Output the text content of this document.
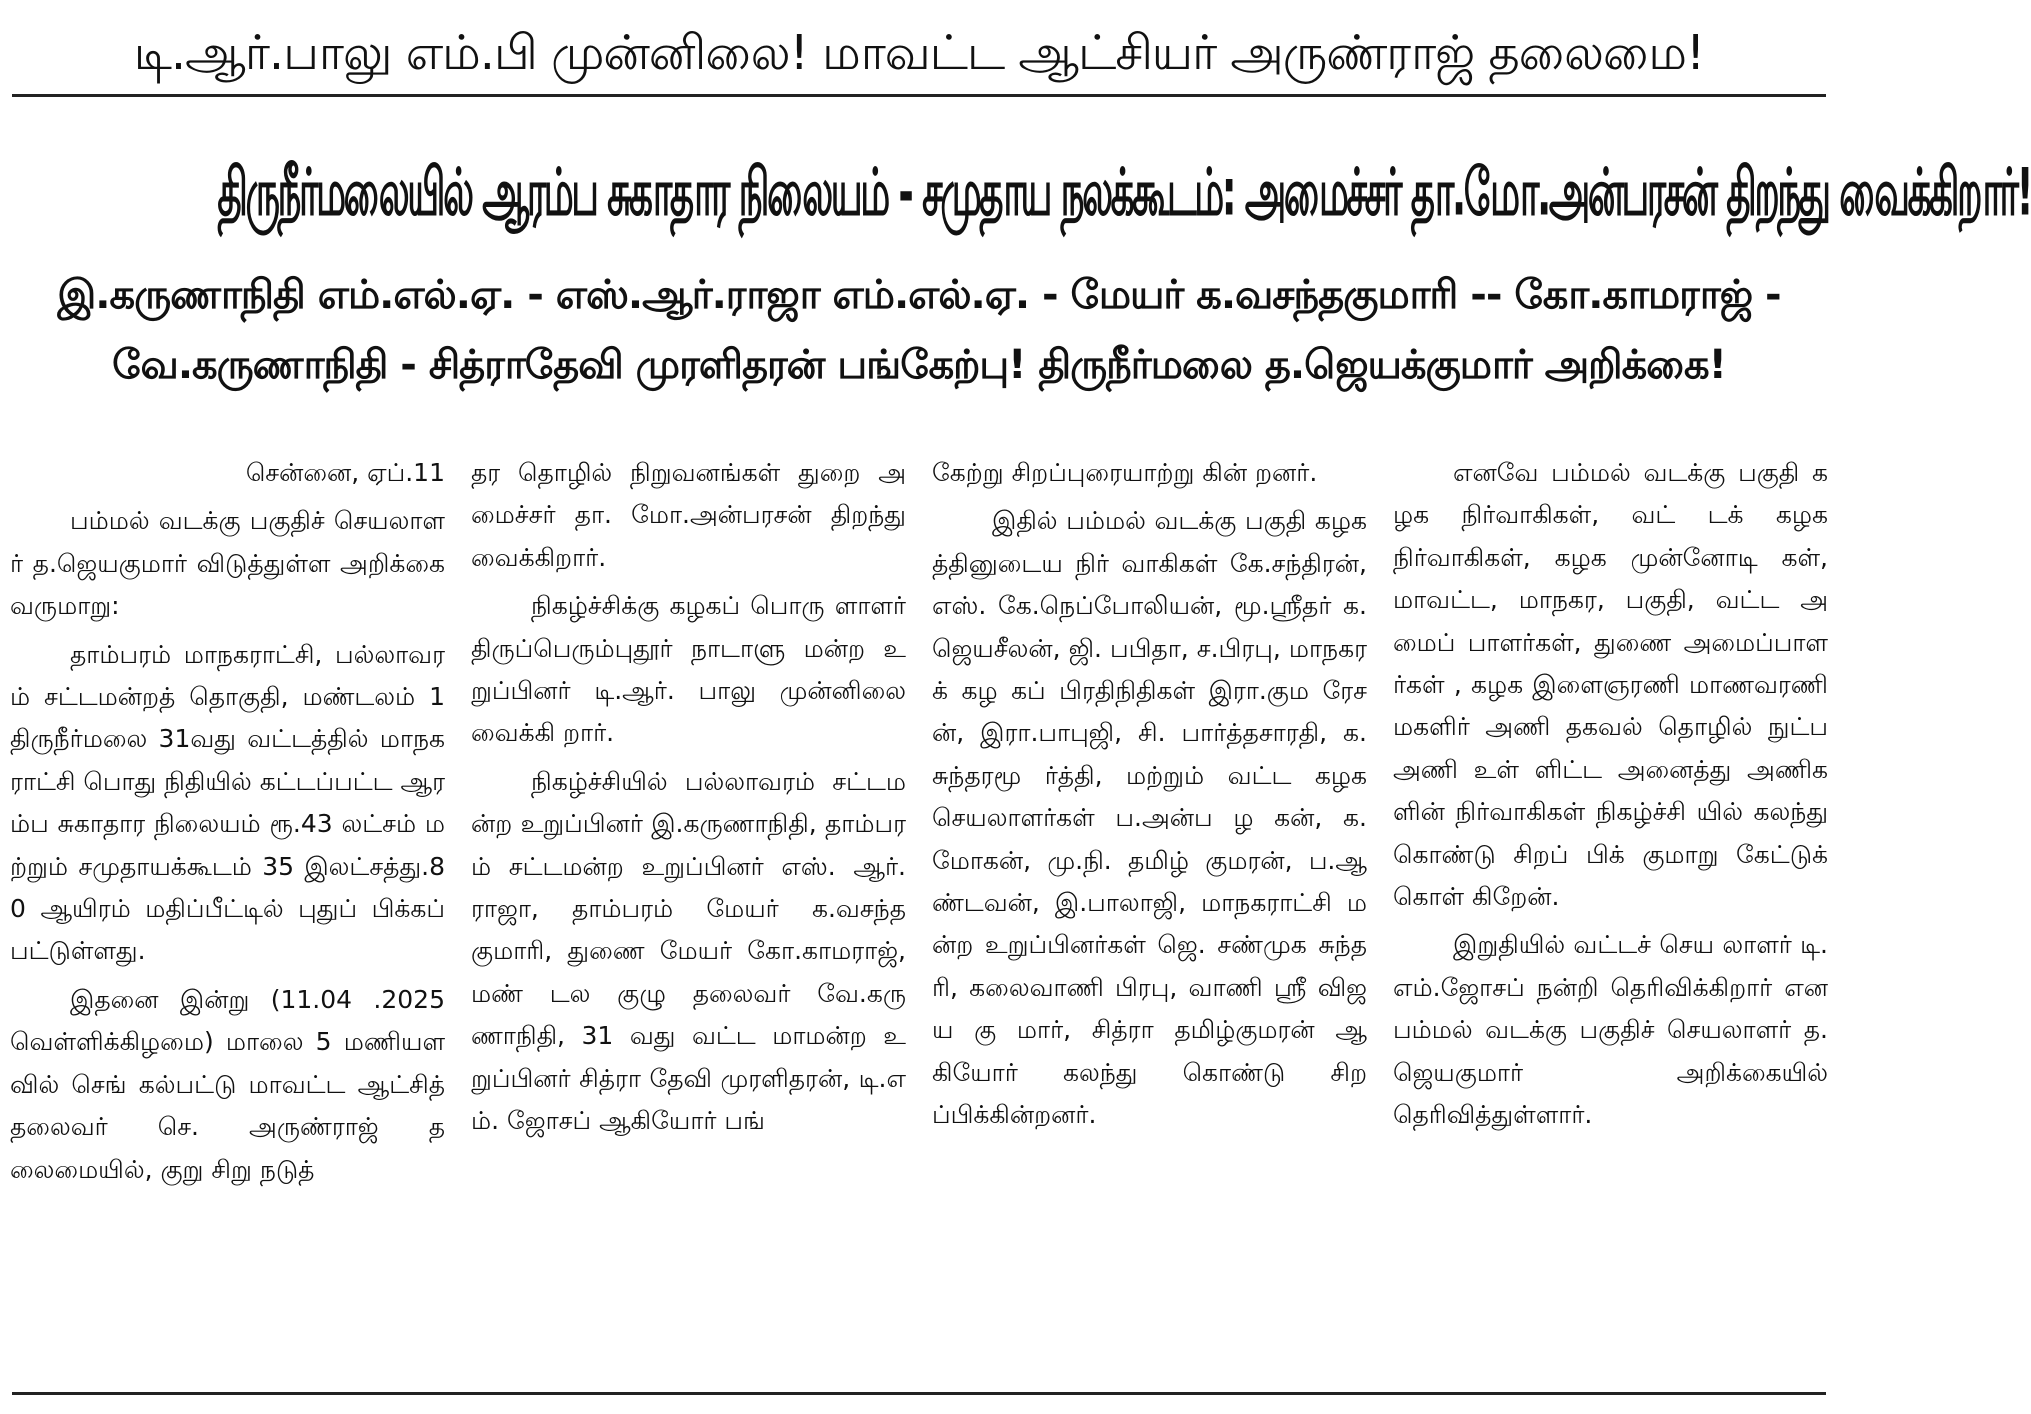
டி.ஆர்.பாலு எம்.பி முன்னிலை! மாவட்ட ஆட்சியர் அருண்ராஜ் தலைமை!
திருநீர்மலையில் ஆரம்ப சுகாதார நிலையம் - சமுதாய நலக்கூடம்: அமைச்சர் தா.மோ.அன்பரசன் திறந்து வைக்கிறார்!
இ.கருணாநிதி எம்.எல்.ஏ. - எஸ்.ஆர்.ராஜா எம்.எல்.ஏ. - மேயர் க.வசந்தகுமாரி -- கோ.காமராஜ் -
வே.கருணாநிதி - சித்ராதேவி முரளிதரன் பங்கேற்பு! திருநீர்மலை த.ஜெயக்குமார் அறிக்கை!

சென்னை, ஏப்.11

பம்மல் வடக்கு பகுதிச் செயலாளர் த.ஜெயகுமார் விடுத்துள்ள அறிக்கை வருமாறு:

தாம்பரம் மாநகராட்சி, பல்லாவரம் சட்டமன்றத் தொகுதி, மண்டலம் 1 திருநீர்மலை 31வது வட்டத்தில் மாநகராட்சி பொது நிதியில் கட்டப்பட்ட ஆரம்ப சுகாதார நிலையம் ரூ.43 லட்சம் மற்றும் சமுதாயக்கூடம் 35 இலட்சத்து.80 ஆயிரம் மதிப்பீட்டில் புதுப் பிக்கப் பட்டுள்ளது.

இதனை இன்று (11.04 .2025 வெள்ளிக்கிழமை) மாலை 5 மணியளவில் செங் கல்பட்டு மாவட்ட ஆட்சித் தலைவர் செ. அருண்ராஜ் தலைமையில், குறு சிறு நடுத்

தர தொழில் நிறுவனங்கள் துறை அமைச்சர் தா. மோ.அன்பரசன் திறந்து வைக்கிறார்.

நிகழ்ச்சிக்கு கழகப் பொரு ளாளர் திருப்பெரும்புதூர் நாடாளு மன்ற உறுப்பினர் டி.ஆர். பாலு முன்னிலை வைக்கி றார்.

நிகழ்ச்சியில் பல்லாவரம் சட்டமன்ற உறுப்பினர் இ.கருணாநிதி, தாம்பரம் சட்டமன்ற உறுப்பினர் எஸ். ஆர்.ராஜா, தாம்பரம் மேயர் க.வசந்தகுமாரி, துணை மேயர் கோ.காமராஜ், மண் டல குழு தலைவர் வே.கரு ணாநிதி, 31 வது வட்ட மாமன்ற உறுப்பினர் சித்ரா தேவி முரளிதரன், டி.எம். ஜோசப் ஆகியோர் பங்

கேற்று சிறப்புரையாற்று கின் றனர்.

இதில் பம்மல் வடக்கு பகுதி கழகத்தினுடைய நிர் வாகிகள் கே.சந்திரன், எஸ். கே.நெப்போலியன், மூ.ஸ்ரீதர் க.ஜெயசீலன், ஜி. பபிதா, ச.பிரபு, மாநகரக் கழ கப் பிரதிநிதிகள் இரா.கும ரேசன், இரா.பாபுஜி, சி. பார்த்தசாரதி, க.சுந்தரமூ ர்த்தி, மற்றும் வட்ட கழக செயலாளர்கள் ப.அன்ப ழ கன், க.மோகன், மு.நி. தமிழ் குமரன், ப.ஆண்டவன், இ.பாலாஜி, மாநகராட்சி மன்ற உறுப்பினர்கள் ஜெ. சண்முக சுந்தரி, கலைவாணி பிரபு, வாணி ஸ்ரீ விஜய கு மார், சித்ரா தமிழ்குமரன் ஆகியோர் கலந்து கொண்டு சிறப்பிக்கின்றனர்.

எனவே பம்மல் வடக்கு பகுதி கழக நிர்வாகிகள், வட் டக் கழக நிர்வாகிகள், கழக முன்னோடி கள்,மாவட்ட, மாநகர, பகுதி, வட்ட அமைப் பாளர்கள், துணை அமைப்பாளர்கள் , கழக இளைஞரணி மாணவரணி மகளிர் அணி தகவல் தொழில் நுட்ப அணி உள் ளிட்ட அனைத்து அணிக ளின் நிர்வாகிகள் நிகழ்ச்சி யில் கலந்து கொண்டு சிறப் பிக் குமாறு கேட்டுக் கொள் கிறேன்.

இறுதியில் வட்டச் செய லாளர் டி.எம்.ஜோசப் நன்றி தெரிவிக்கிறார் என பம்மல் வடக்கு பகுதிச் செயலாளர் த.ஜெயகுமார் அறிக்கையில் தெரிவித்துள்ளார்.
